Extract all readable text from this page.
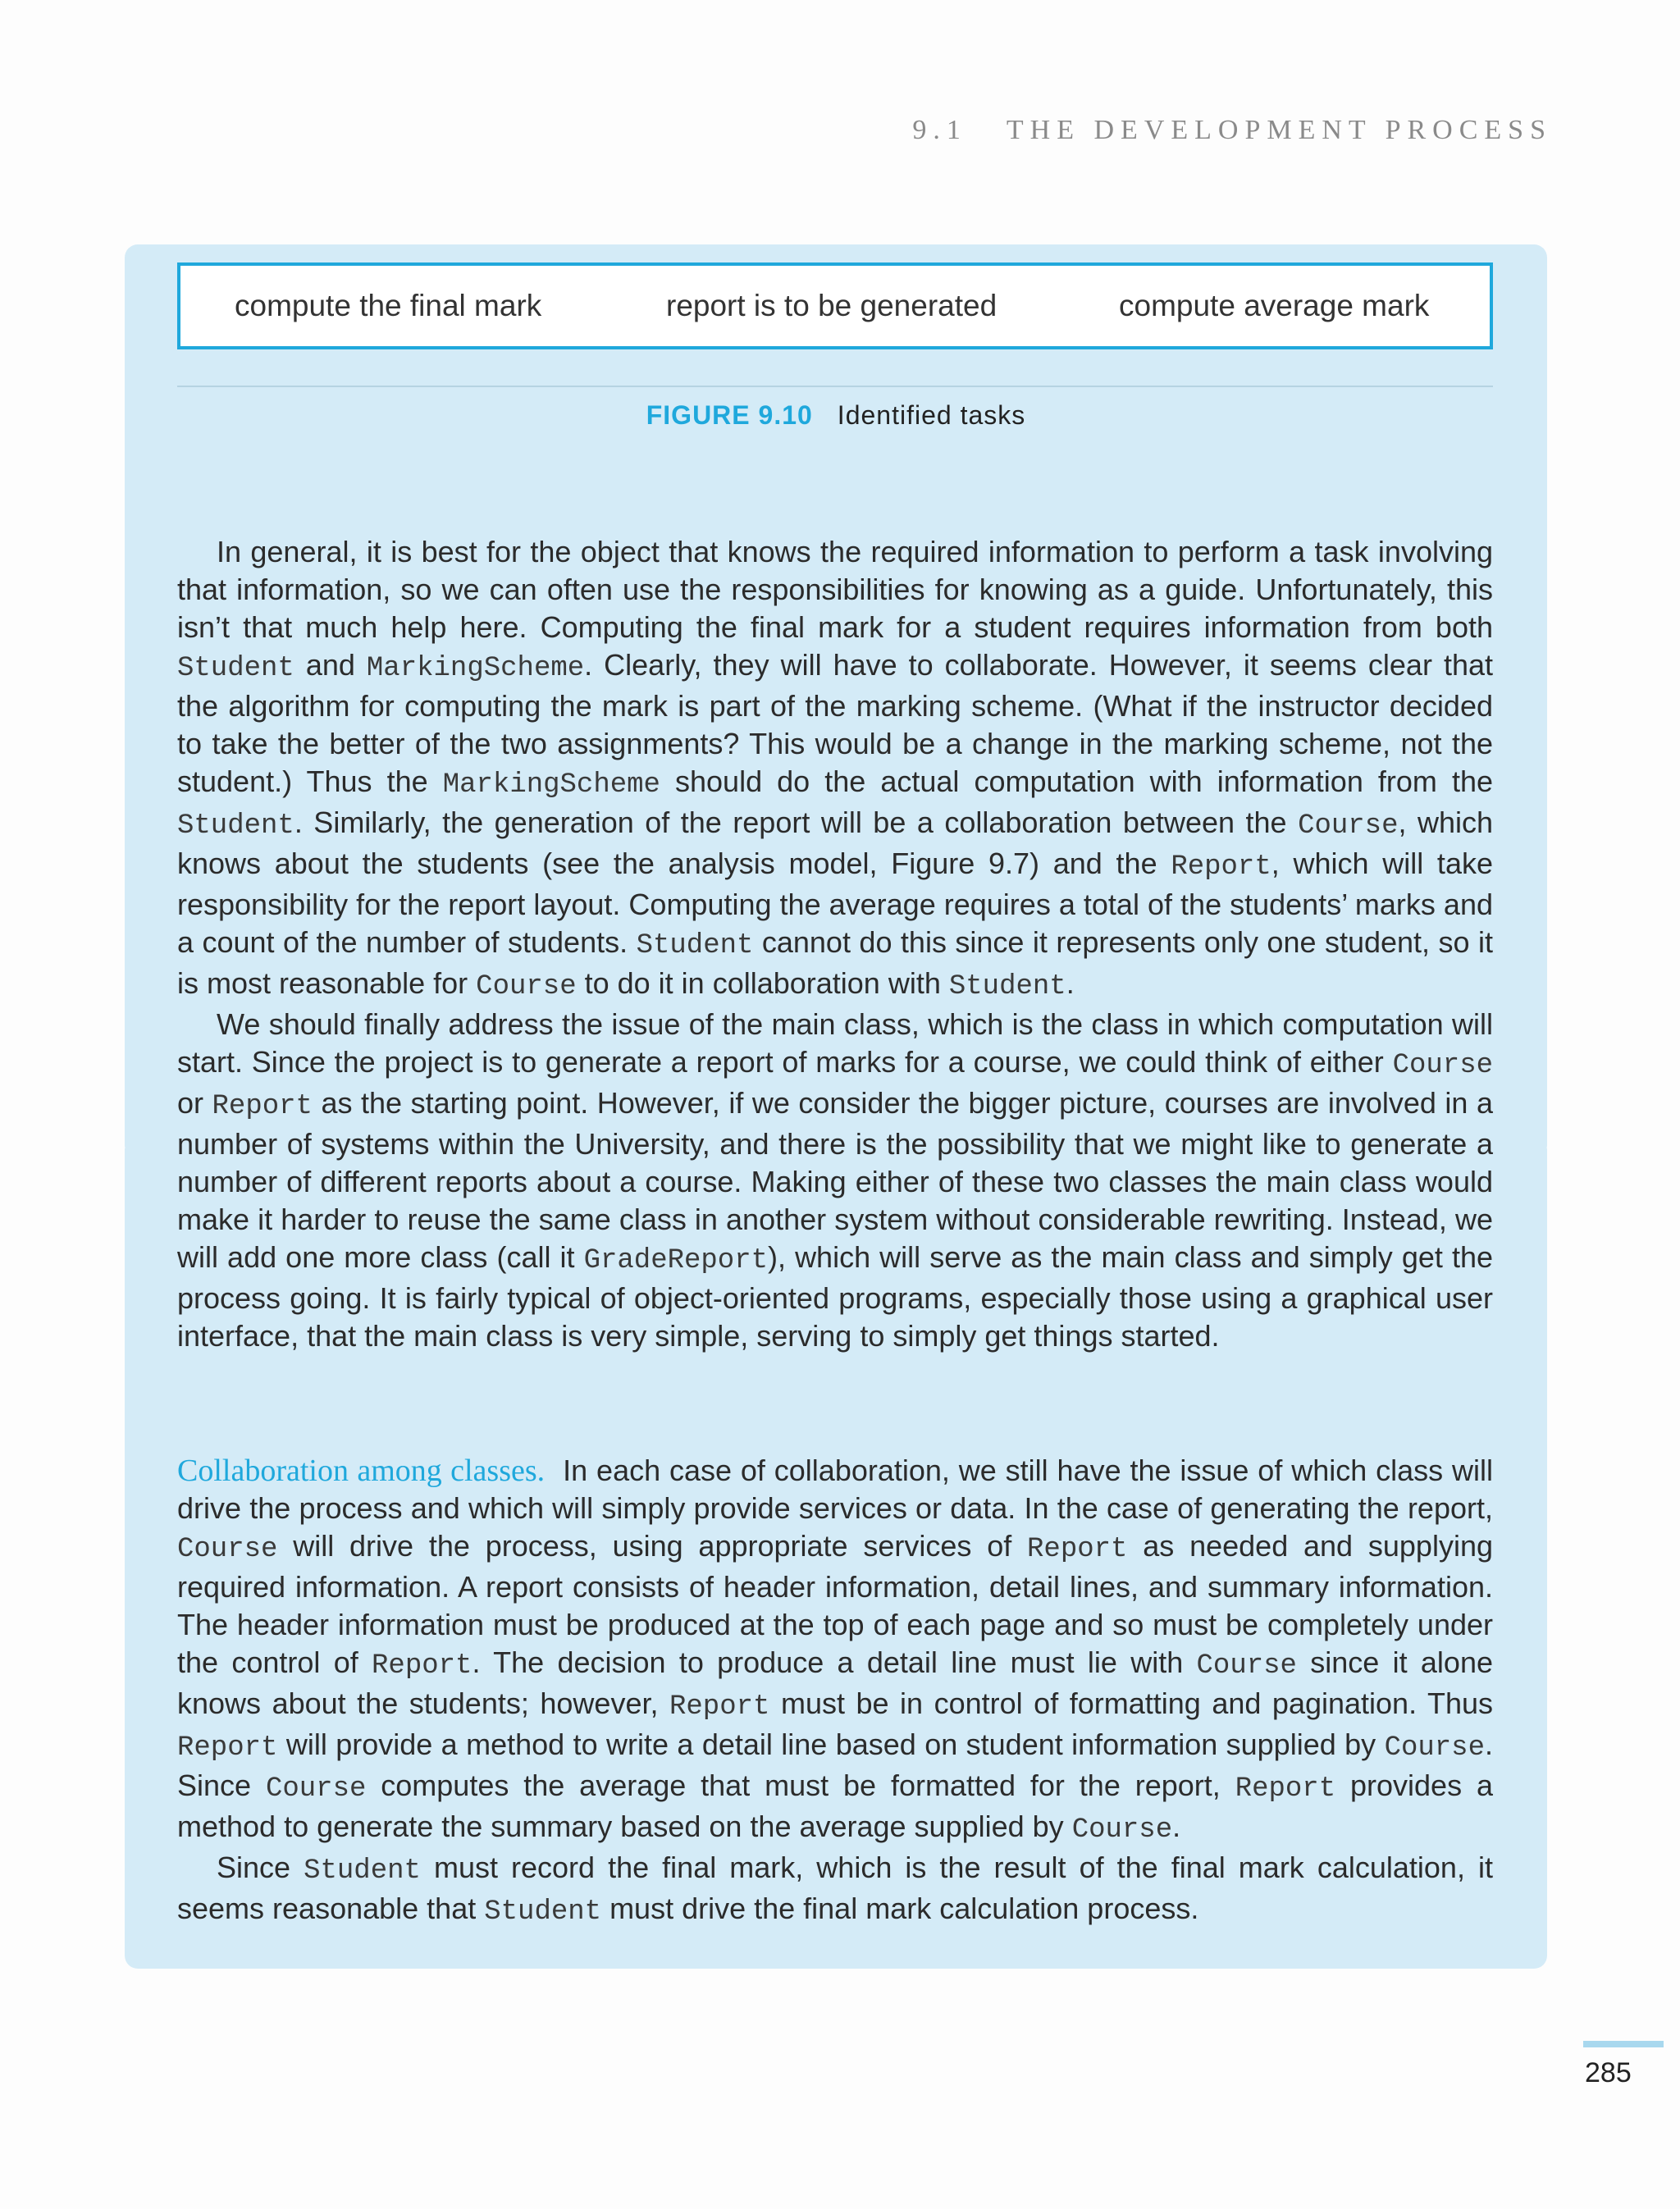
9.1 THE DEVELOPMENT PROCESS
compute the final mark	report is to be generated	compute average mark
FIGURE 9.10 Identified tasks

In general, it is best for the object that knows the required information to perform a task involving that information, so we can often use the responsibilities for knowing as a guide. Unfortunately, this isn’t that much help here. Computing the final mark for a student requires information from both Student and MarkingScheme. Clearly, they will have to collaborate. However, it seems clear that the algorithm for computing the mark is part of the marking scheme. (What if the instructor decided to take the better of the two assignments? This would be a change in the marking scheme, not the student.) Thus the MarkingScheme should do the actual computation with information from the Student. Similarly, the generation of the report will be a collaboration between the Course, which knows about the students (see the analysis model, Figure 9.7) and the Report, which will take responsibility for the report layout. Computing the average requires a total of the students’ marks and a count of the number of students. Student cannot do this since it represents only one student, so it is most reasonable for Course to do it in collaboration with Student.

We should finally address the issue of the main class, which is the class in which computation will start. Since the project is to generate a report of marks for a course, we could think of either Course or Report as the starting point. However, if we consider the bigger picture, courses are involved in a number of systems within the University, and there is the possibility that we might like to generate a number of different reports about a course. Making either of these two classes the main class would make it harder to reuse the same class in another system without considerable rewriting. Instead, we will add one more class (call it GradeReport), which will serve as the main class and simply get the process going. It is fairly typical of object-oriented programs, especially those using a graphical user interface, that the main class is very simple, serving to simply get things started.

Collaboration among classes. In each case of collaboration, we still have the issue of which class will drive the process and which will simply provide services or data. In the case of generating the report, Course will drive the process, using appropriate services of Report as needed and supplying required information. A report consists of header information, detail lines, and summary information. The header information must be produced at the top of each page and so must be completely under the control of Report. The decision to produce a detail line must lie with Course since it alone knows about the students; however, Report must be in control of formatting and pagination. Thus Report will provide a method to write a detail line based on student information supplied by Course. Since Course computes the average that must be formatted for the report, Report provides a method to generate the summary based on the average supplied by Course.

Since Student must record the final mark, which is the result of the final mark calculation, it seems reasonable that Student must drive the final mark calculation process.

285
